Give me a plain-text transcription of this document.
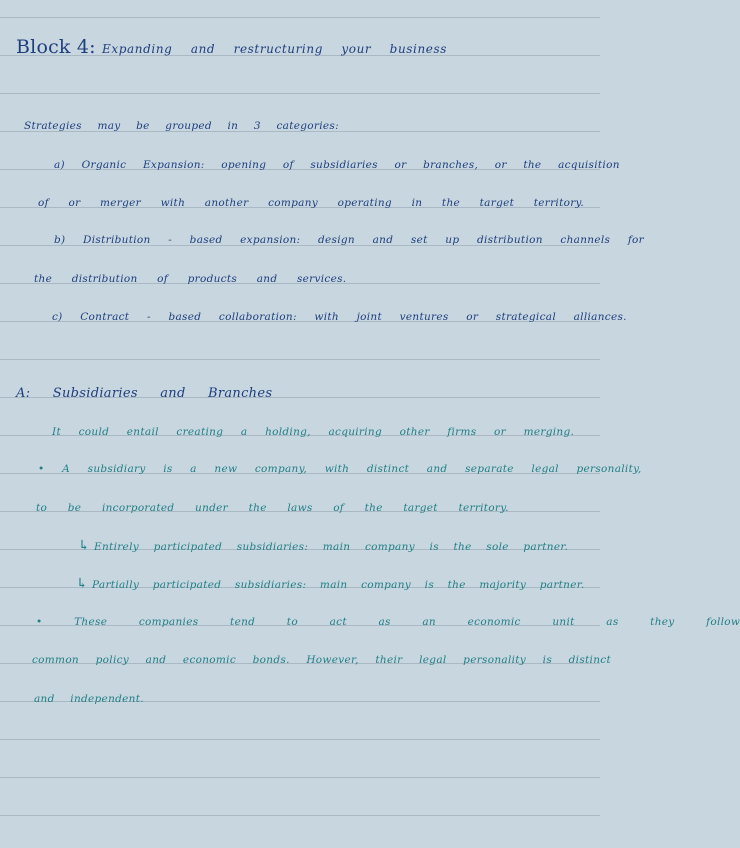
Block 4: Expanding and restructuring your business
Strategies may be grouped in 3 categories:
a) Organic Expansion: opening of subsidiaries or branches, or the acquisition
of or merger with another company operating in the target territory.
b) Distribution - based expansion: design and set up distribution channels for
the distribution of products and services.
c) Contract - based collaboration: with joint ventures or strategical alliances.
A: Subsidiaries and Branches
It could entail creating a holding, acquiring other firms or merging.
• A subsidiary is a new company, with distinct and separate legal personality,
to be incorporated under the laws of the target territory.
↳ Entirely participated subsidiaries: main company is the sole partner.
↳ Partially participated subsidiaries: main company is the majority partner.
• These companies tend to act as an economic unit as they follow
common policy and economic bonds. However, their legal personality is distinct
and independent.
